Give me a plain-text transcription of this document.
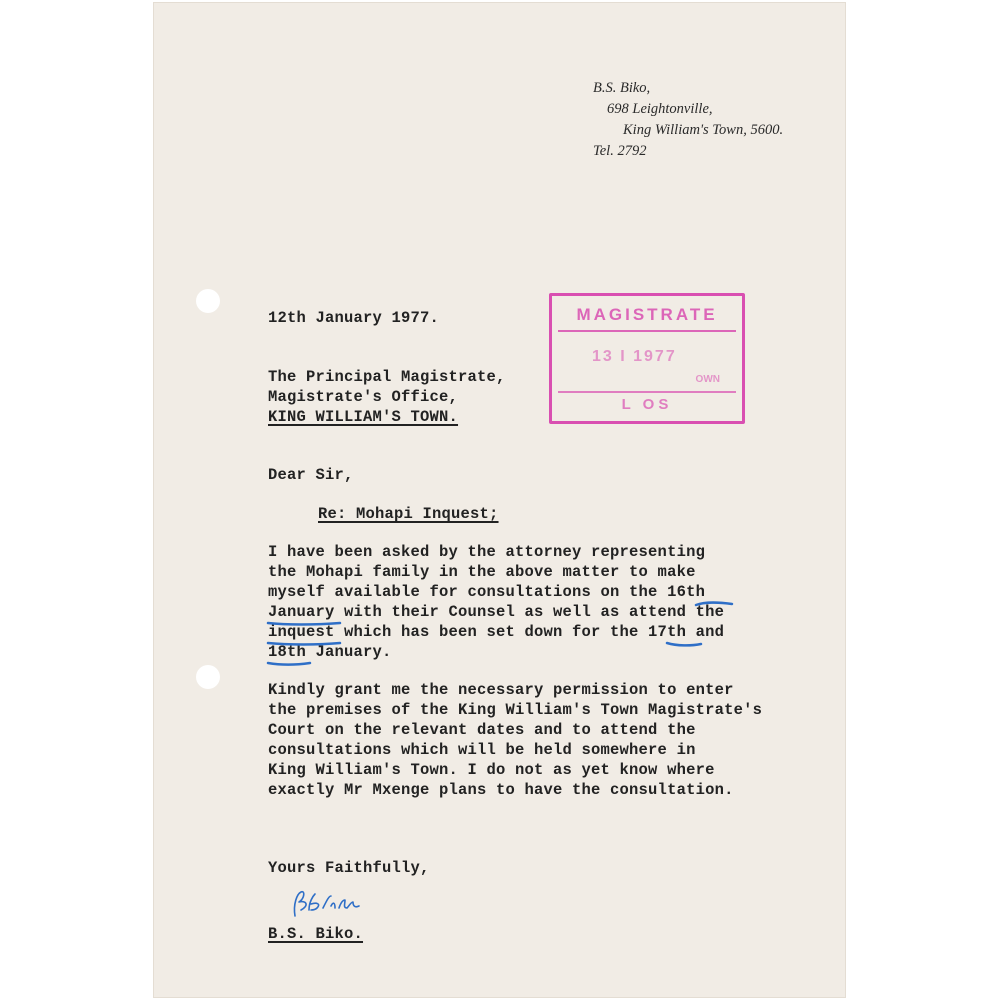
B.S. Biko,
698 Leightonville,
King William's Town, 5600.
Tel. 2792
12th January 1977.	MAGISTRATE
13 I 1977
OWN
L OS
The Principal Magistrate,
Magistrate's Office,
KING WILLIAM'S TOWN.
Dear Sir,
Re: Mohapi Inquest;
I have been asked by the attorney representing
the Mohapi family in the above matter to make
myself available for consultations on the 16th
January with their Counsel as well as attend the
inquest which has been set down for the 17th and
18th January.
Kindly grant me the necessary permission to enter
the premises of the King William's Town Magistrate's
Court on the relevant dates and to attend the
consultations which will be held somewhere in
King William's Town. I do not as yet know where
exactly Mr Mxenge plans to have the consultation.
Yours Faithfully,
B.S. Biko.
